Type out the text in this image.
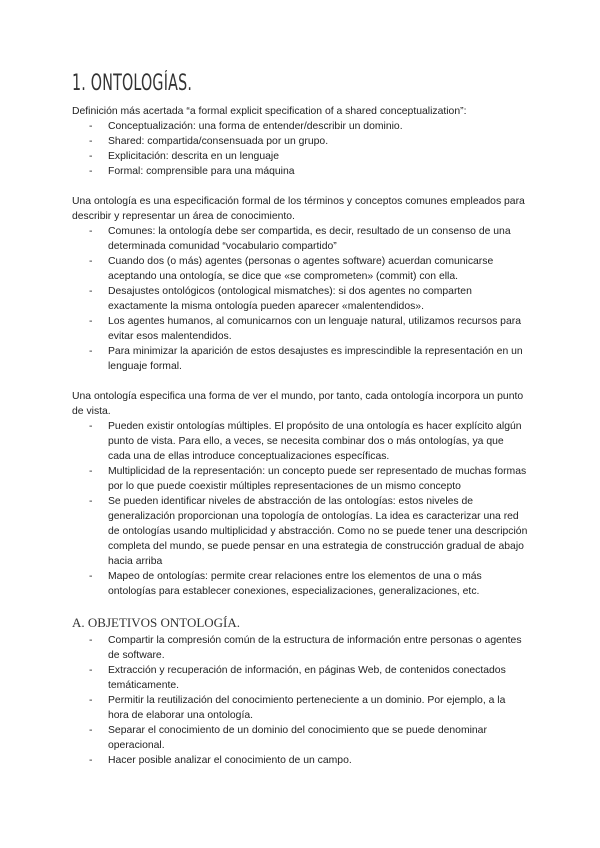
1. ONTOLOGÍAS.

Definición más acertada “a formal explicit specification of a shared conceptualization”:

- Conceptualización: una forma de entender/describir un dominio.
- Shared: compartida/consensuada por un grupo.
- Explicitación: descrita en un lenguaje
- Formal: comprensible para una máquina

Una ontología es una especificación formal de los términos y conceptos comunes empleados para describir y representar un área de conocimiento.

- Comunes: la ontología debe ser compartida, es decir, resultado de un consenso de una determinada comunidad “vocabulario compartido”
- Cuando dos (o más) agentes (personas o agentes software) acuerdan comunicarse aceptando una ontología, se dice que «se comprometen» (commit) con ella.
- Desajustes ontológicos (ontological mismatches): si dos agentes no comparten exactamente la misma ontología pueden aparecer «malentendidos».
- Los agentes humanos, al comunicarnos con un lenguaje natural, utilizamos recursos para evitar esos malentendidos.
- Para minimizar la aparición de estos desajustes es imprescindible la representación en un lenguaje formal.

Una ontología especifica una forma de ver el mundo, por tanto, cada ontología incorpora un punto de vista.

- Pueden existir ontologías múltiples. El propósito de una ontología es hacer explícito algún punto de vista. Para ello, a veces, se necesita combinar dos o más ontologías, ya que cada una de ellas introduce conceptualizaciones específicas.
- Multiplicidad de la representación: un concepto puede ser representado de muchas formas por lo que puede coexistir múltiples representaciones de un mismo concepto
- Se pueden identificar niveles de abstracción de las ontologías: estos niveles de generalización proporcionan una topología de ontologías. La idea es caracterizar una red de ontologías usando multiplicidad y abstracción. Como no se puede tener una descripción completa del mundo, se puede pensar en una estrategia de construcción gradual de abajo hacia arriba
- Mapeo de ontologías: permite crear relaciones entre los elementos de una o más ontologías para establecer conexiones, especializaciones, generalizaciones, etc.
A. OBJETIVOS ONTOLOGÍA.
- Compartir la compresión común de la estructura de información entre personas o agentes de software.
- Extracción y recuperación de información, en páginas Web, de contenidos conectados temáticamente.
- Permitir la reutilización del conocimiento perteneciente a un dominio. Por ejemplo, a la hora de elaborar una ontología.
- Separar el conocimiento de un dominio del conocimiento que se puede denominar operacional.
- Hacer posible analizar el conocimiento de un campo.
